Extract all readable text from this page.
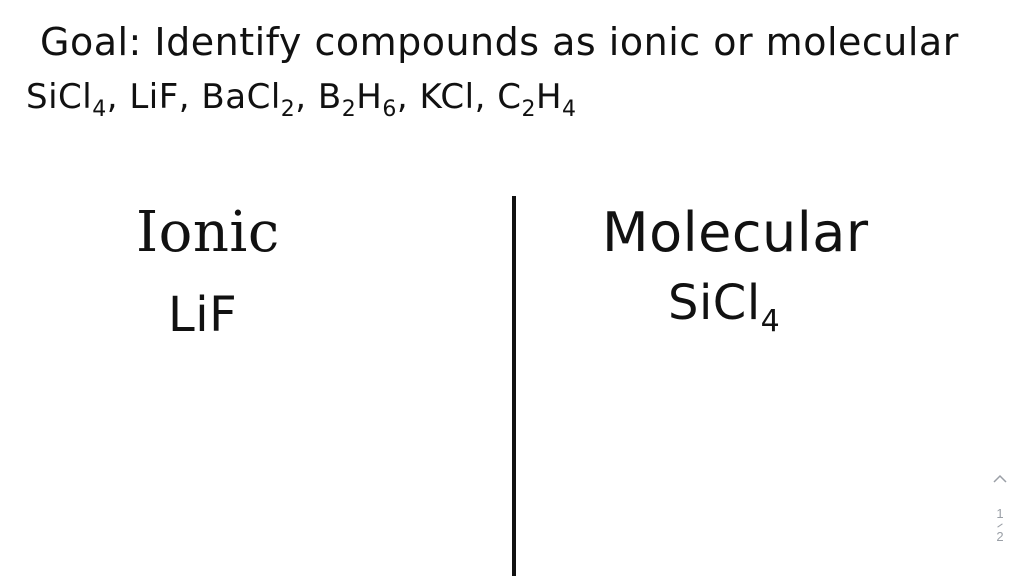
Goal: Identify compounds as ionic or molecular
SiCl$_4$, LiF, BaCl$_2$, $B_2H_6$, KCl, $C_2H_4$
Ionic
LiF
Molecular
SiCl$_4$
1
2
